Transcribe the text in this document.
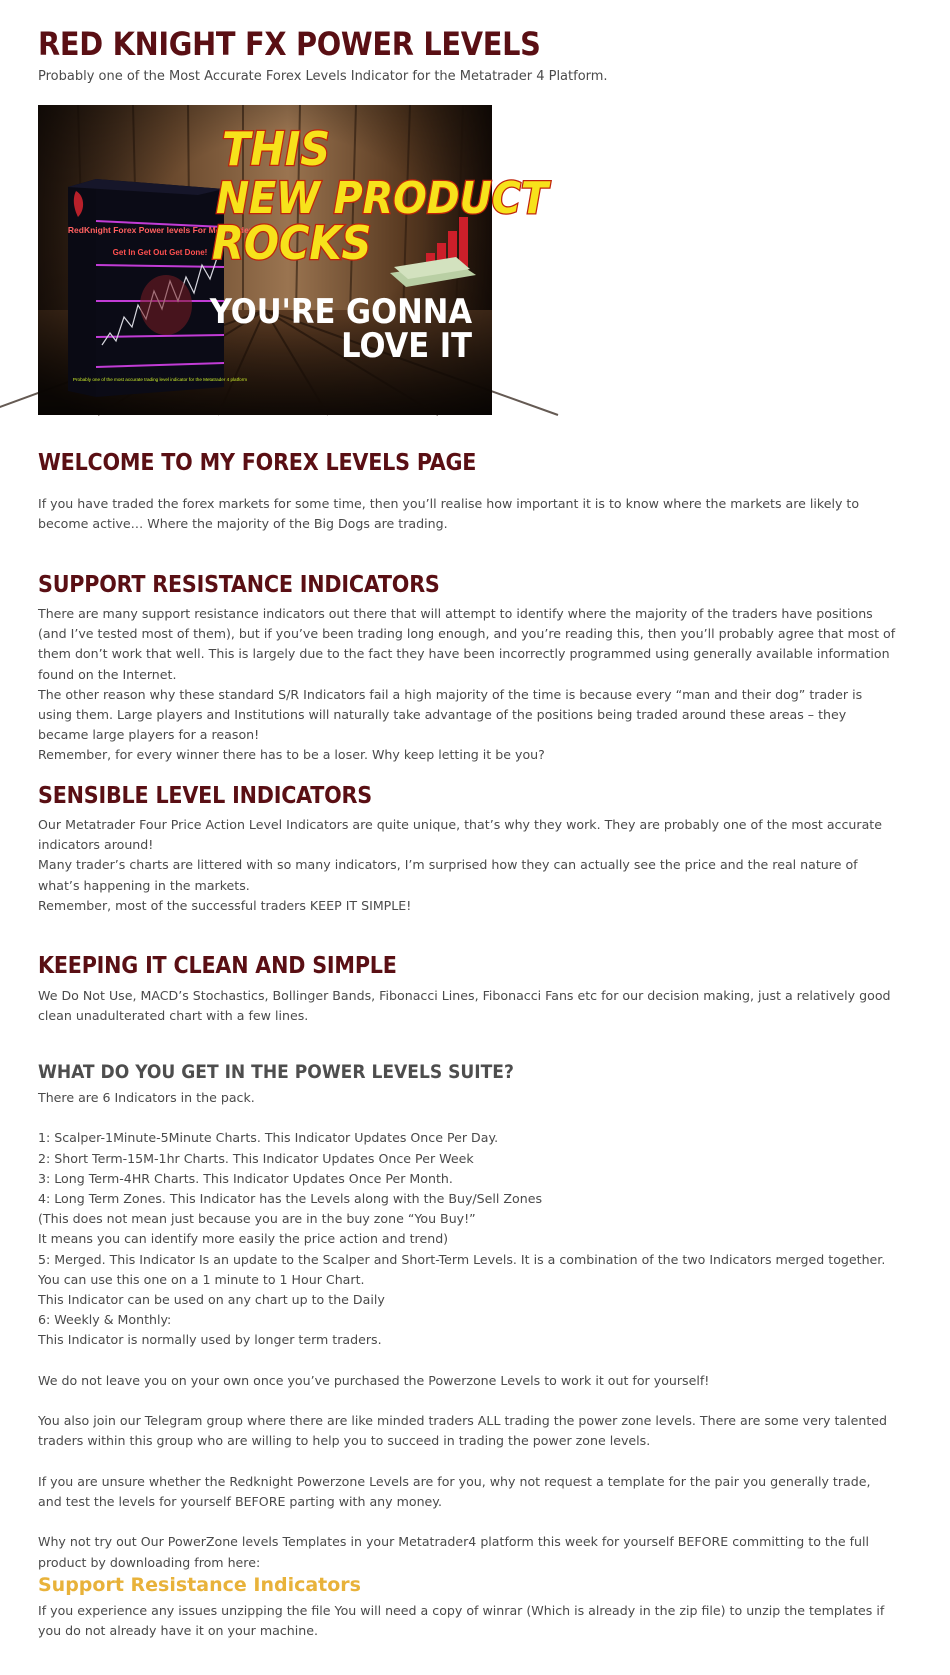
RED KNIGHT FX POWER LEVELS

Probably one of the Most Accurate Forex Levels Indicator for the Metatrader 4 Platform.

RedKnight Forex Power levels For Metatrader
Get In Get Out Get Done!
Probably one of the most accurate trading level indicator for the Metatrader 4 platform
THIS
NEW PRODUCT
ROCKS
YOU'RE GONNA
LOVE IT
WELCOME TO MY FOREX LEVELS PAGE

If you have traded the forex markets for some time, then you’ll realise how important it is to know where the markets are likely to become active… Where the majority of the Big Dogs are trading.

SUPPORT RESISTANCE INDICATORS

There are many support resistance indicators out there that will attempt to identify where the majority of the traders have positions (and I’ve tested most of them), but if you’ve been trading long enough, and you’re reading this, then you’ll probably agree that most of them don’t work that well. This is largely due to the fact they have been incorrectly programmed using generally available information found on the Internet.

The other reason why these standard S/R Indicators fail a high majority of the time is because every “man and their dog” trader is using them. Large players and Institutions will naturally take advantage of the positions being traded around these areas – they became large players for a reason!

Remember, for every winner there has to be a loser. Why keep letting it be you?

SENSIBLE LEVEL INDICATORS

Our Metatrader Four Price Action Level Indicators are quite unique, that’s why they work. They are probably one of the most accurate indicators around!

Many trader’s charts are littered with so many indicators, I’m surprised how they can actually see the price and the real nature of what’s happening in the markets.

Remember, most of the successful traders KEEP IT SIMPLE!

KEEPING IT CLEAN AND SIMPLE

We Do Not Use, MACD’s Stochastics, Bollinger Bands, Fibonacci Lines, Fibonacci Fans etc for our decision making, just a relatively good clean unadulterated chart with a few lines.

WHAT DO YOU GET IN THE POWER LEVELS SUITE?

There are 6 Indicators in the pack.

1: Scalper-1Minute-5Minute Charts. This Indicator Updates Once Per Day.

2: Short Term-15M-1hr Charts. This Indicator Updates Once Per Week

3: Long Term-4HR Charts. This Indicator Updates Once Per Month.

4: Long Term Zones. This Indicator has the Levels along with the Buy/Sell Zones

(This does not mean just because you are in the buy zone “You Buy!”

It means you can identify more easily the price action and trend)

5: Merged. This Indicator Is an update to the Scalper and Short-Term Levels. It is a combination of the two Indicators merged together. You can use this one on a 1 minute to 1 Hour Chart.

This Indicator can be used on any chart up to the Daily

6: Weekly & Monthly:

This Indicator is normally used by longer term traders.

We do not leave you on your own once you’ve purchased the Powerzone Levels to work it out for yourself!

You also join our Telegram group where there are like minded traders ALL trading the power zone levels. There are some very talented traders within this group who are willing to help you to succeed in trading the power zone levels.

If you are unsure whether the Redknight Powerzone Levels are for you, why not request a template for the pair you generally trade, and test the levels for yourself BEFORE parting with any money.

Why not try out Our PowerZone levels Templates in your Metatrader4 platform this week for yourself BEFORE committing to the full product by downloading from here:

Support Resistance Indicators

If you experience any issues unzipping the file You will need a copy of winrar (Which is already in the zip file) to unzip the templates if you do not already have it on your machine.
